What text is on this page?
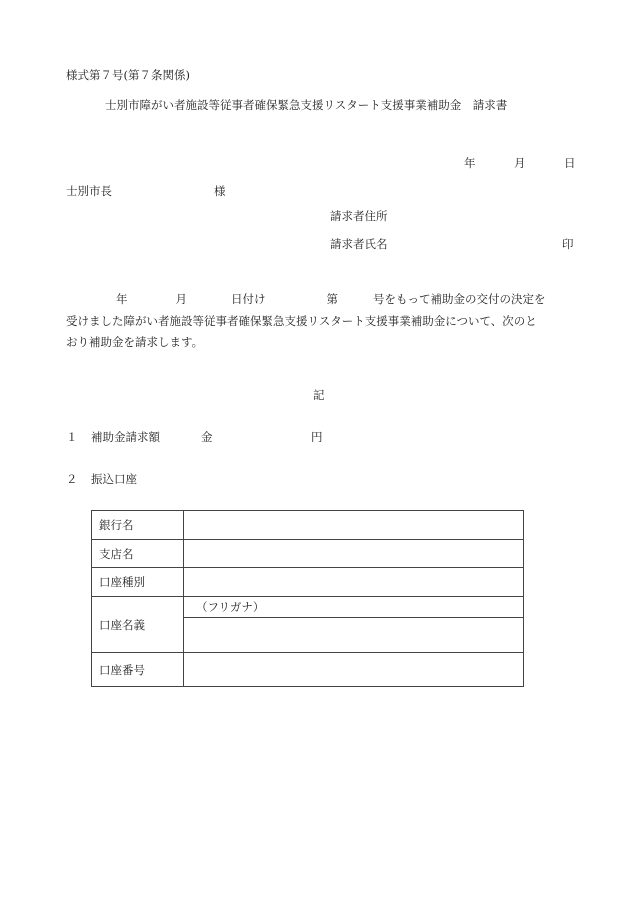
様式第７号(第７条関係)
士別市障がい者施設等従事者確保緊急支援リスタート支援事業補助金　請求書
年	月	日
士別市長	様
請求者住所
請求者氏名	印
年	月	日付け	第	号をもって補助金の交付の決定を
受けました障がい者施設等従事者確保緊急支援リスタート支援事業補助金について、次のと
おり補助金を請求します。
記
１ 補助金請求額	金	円
２ 振込口座
銀行名	
支店名	
口座種別	
口座名義	（フリガナ）

口座番号	
